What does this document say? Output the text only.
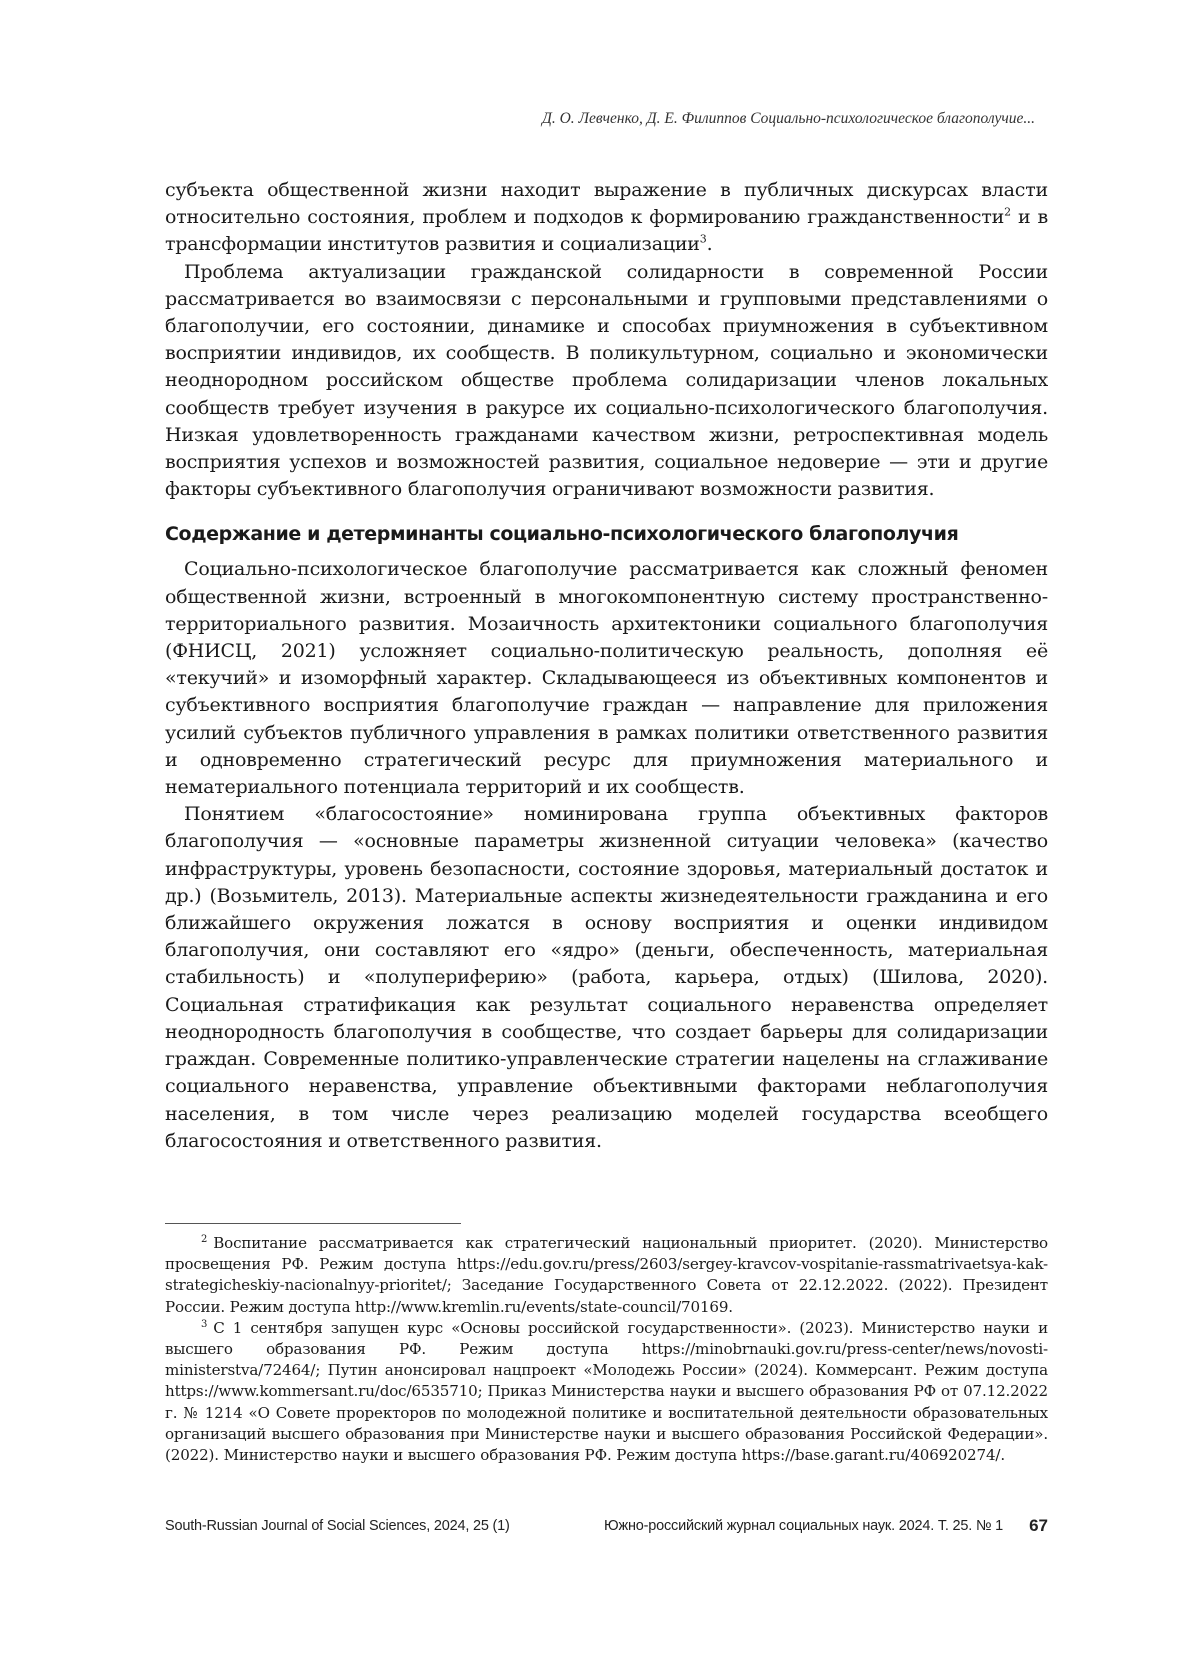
Д. О. Левченко, Д. Е. Филиппов Социально-психологическое благополучие...

субъекта общественной жизни находит выражение в публичных дискурсах власти относительно состояния, проблем и подходов к формированию гражданственности$^2$ и в трансформации институтов развития и социализации$^3$.

Проблема актуализации гражданской солидарности в современной России рассматривается во взаимосвязи с персональными и групповыми представлениями о благополучии, его состоянии, динамике и способах приумножения в субъективном восприятии индивидов, их сообществ. В поликультурном, социально и экономически неоднородном российском обществе проблема солидаризации членов локальных сообществ требует изучения в ракурсе их социально-психологического благополучия. Низкая удовлетворенность гражданами качеством жизни, ретроспективная модель восприятия успехов и возможностей развития, социальное недоверие — эти и другие факторы субъективного благополучия ограничивают возможности развития.

Содержание и детерминанты социально-психологического благополучия

Социально-психологическое благополучие рассматривается как сложный феномен общественной жизни, встроенный в многокомпонентную систему пространственно-территориального развития. Мозаичность архитектоники социального благополучия (ФНИСЦ, 2021) усложняет социально-политическую реальность, дополняя её «текучий» и изоморфный характер. Складывающееся из объективных компонентов и субъективного восприятия благополучие граждан — направление для приложения усилий субъектов публичного управления в рамках политики ответственного развития и одновременно стратегический ресурс для приумножения материального и нематериального потенциала территорий и их сообществ.

Понятием «благосостояние» номинирована группа объективных факторов благополучия — «основные параметры жизненной ситуации человека» (качество инфраструктуры, уровень безопасности, состояние здоровья, материальный достаток и др.) (Возьмитель, 2013). Материальные аспекты жизнедеятельности гражданина и его ближайшего окружения ложатся в основу восприятия и оценки индивидом благополучия, они составляют его «ядро» (деньги, обеспеченность, материальная стабильность) и «полупериферию» (работа, карьера, отдых) (Шилова, 2020). Социальная стратификация как результат социального неравенства определяет неоднородность благополучия в сообществе, что создает барьеры для солидаризации граждан. Современные политико-управленческие стратегии нацелены на сглаживание социального неравенства, управление объективными факторами неблагополучия населения, в том числе через реализацию моделей государства всеобщего благосостояния и ответственного развития.

$^2$ Воспитание рассматривается как стратегический национальный приоритет. (2020). Министерство просвещения РФ. Режим доступа https://edu.gov.ru/press/2603/sergey-kravcov-vospitanie-rassmatrivaetsya-kak-strategicheskiy-nacionalnyy-prioritet/; Заседание Государственного Совета от 22.12.2022. (2022). Президент России. Режим доступа http://www.kremlin.ru/events/state-council/70169.

$^3$ С 1 сентября запущен курс «Основы российской государственности». (2023). Министерство науки и высшего образования РФ. Режим доступа https://minobrnauki.gov.ru/press-center/news/novosti-ministerstva/72464/; Путин анонсировал нацпроект «Молодежь России» (2024). Коммерсант. Режим доступа https://www.kommersant.ru/doc/6535710; Приказ Министерства науки и высшего образования РФ от 07.12.2022 г. № 1214 «О Совете проректоров по молодежной политике и воспитательной деятельности образовательных организаций высшего образования при Министерстве науки и высшего образования Российской Федерации». (2022). Министерство науки и высшего образования РФ. Режим доступа https://base.garant.ru/406920274/.

South-Russian Journal of Social Sciences, 2024, 25 (1)	Южно-российский журнал социальных наук. 2024. Т. 25. № 1 67
